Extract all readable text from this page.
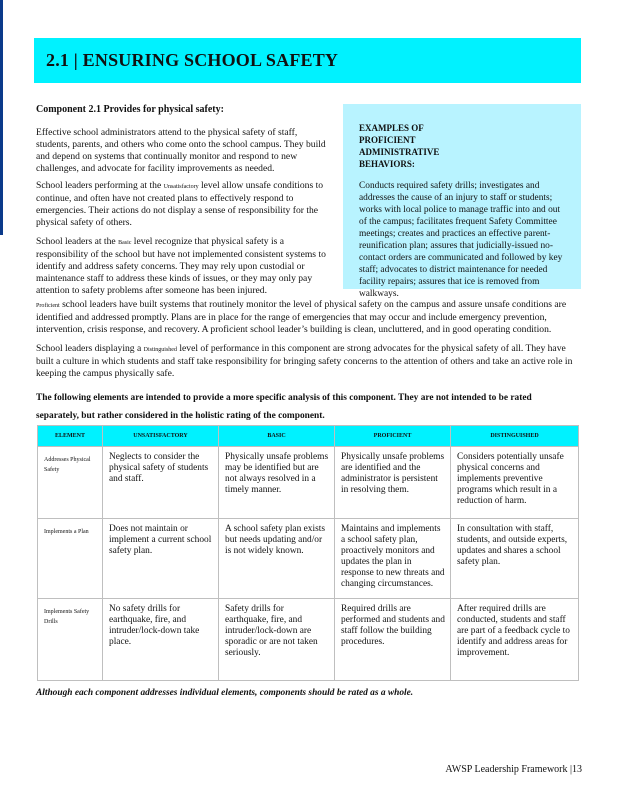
2.1 | ENSURING SCHOOL SAFETY
Component 2.1 Provides for physical safety:
Effective school administrators attend to the physical safety of staff, students, parents, and others who come onto the school campus. They build and depend on systems that continually monitor and respond to new challenges, and advocate for facility improvements as needed.
School leaders performing at the Unsatisfactory level allow unsafe conditions to continue, and often have not created plans to effectively respond to emergencies. Their actions do not display a sense of responsibility for the physical safety of others.
School leaders at the Basic level recognize that physical safety is a responsibility of the school but have not implemented consistent systems to identify and address safety concerns. They may rely upon custodial or maintenance staff to address these kinds of issues, or they may only pay attention to safety problems after someone has been injured.
EXAMPLES OF PROFICIENT ADMINISTRATIVE BEHAVIORS:
Conducts required safety drills; investigates and addresses the cause of an injury to staff or students; works with local police to manage traffic into and out of the campus; facilitates frequent Safety Committee meetings; creates and practices an effective parent-reunification plan; assures that judicially-issued no-contact orders are communicated and followed by key staff; advocates to district maintenance for needed facility repairs; assures that ice is removed from walkways.
Proficient school leaders have built systems that routinely monitor the level of physical safety on the campus and assure unsafe conditions are identified and addressed promptly. Plans are in place for the range of emergencies that may occur and include emergency prevention, intervention, crisis response, and recovery. A proficient school leader’s building is clean, uncluttered, and in good operating condition.
School leaders displaying a Distinguished level of performance in this component are strong advocates for the physical safety of all. They have built a culture in which students and staff take responsibility for bringing safety concerns to the attention of others and take an active role in keeping the campus physically safe.
The following elements are intended to provide a more specific analysis of this component. They are not intended to be rated separately, but rather considered in the holistic rating of the component.
ELEMENT	UNSATISFACTORY	BASIC	PROFICIENT	DISTINGUISHED
Addresses Physical Safety	Neglects to consider the physical safety of students and staff.	Physically unsafe problems may be identified but are not always resolved in a timely manner.	Physically unsafe problems are identified and the administrator is persistent in resolving them.	Considers potentially unsafe physical concerns and implements preventive programs which result in a reduction of harm.
Implements a Plan	Does not maintain or implement a current school safety plan.	A school safety plan exists but needs updating and/or is not widely known.	Maintains and implements a school safety plan, proactively monitors and updates the plan in response to new threats and changing circumstances.	In consultation with staff, students, and outside experts, updates and shares a school safety plan.
Implements Safety Drills	No safety drills for earthquake, fire, and intruder/lock-down take place.	Safety drills for earthquake, fire, and intruder/lock-down are sporadic or are not taken seriously.	Required drills are performed and students and staff follow the building procedures.	After required drills are conducted, students and staff are part of a feedback cycle to identify and address areas for improvement.
Although each component addresses individual elements, components should be rated as a whole.
AWSP Leadership Framework |13
